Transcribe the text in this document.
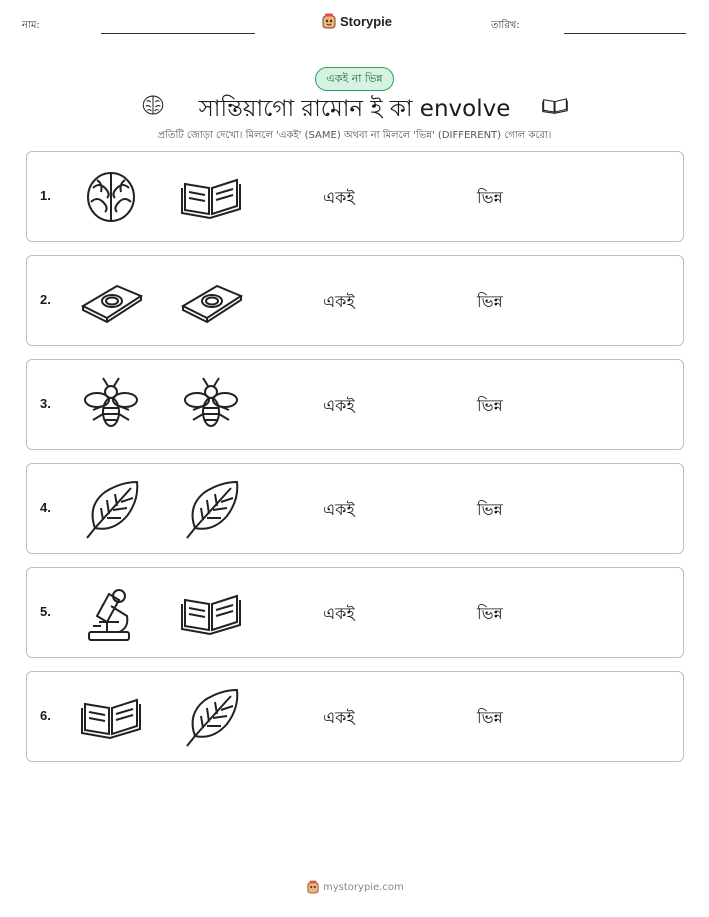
নাম:	Storypie	তারিখ:
একই না ভিন্ন
সান্তিয়াগো রামোন ই কা envolve
প্রতিটি জোড়া দেখো। মিললে 'একই' (SAME) অথবা না মিললে 'ভিন্ন' (DIFFERENT) গোল করো।
1.	একই	ভিন্ন
2.	একই	ভিন্ন
3.	একই	ভিন্ন
4.	একই	ভিন্ন
5.	একই	ভিন্ন
6.	একই	ভিন্ন
mystorypie.com
